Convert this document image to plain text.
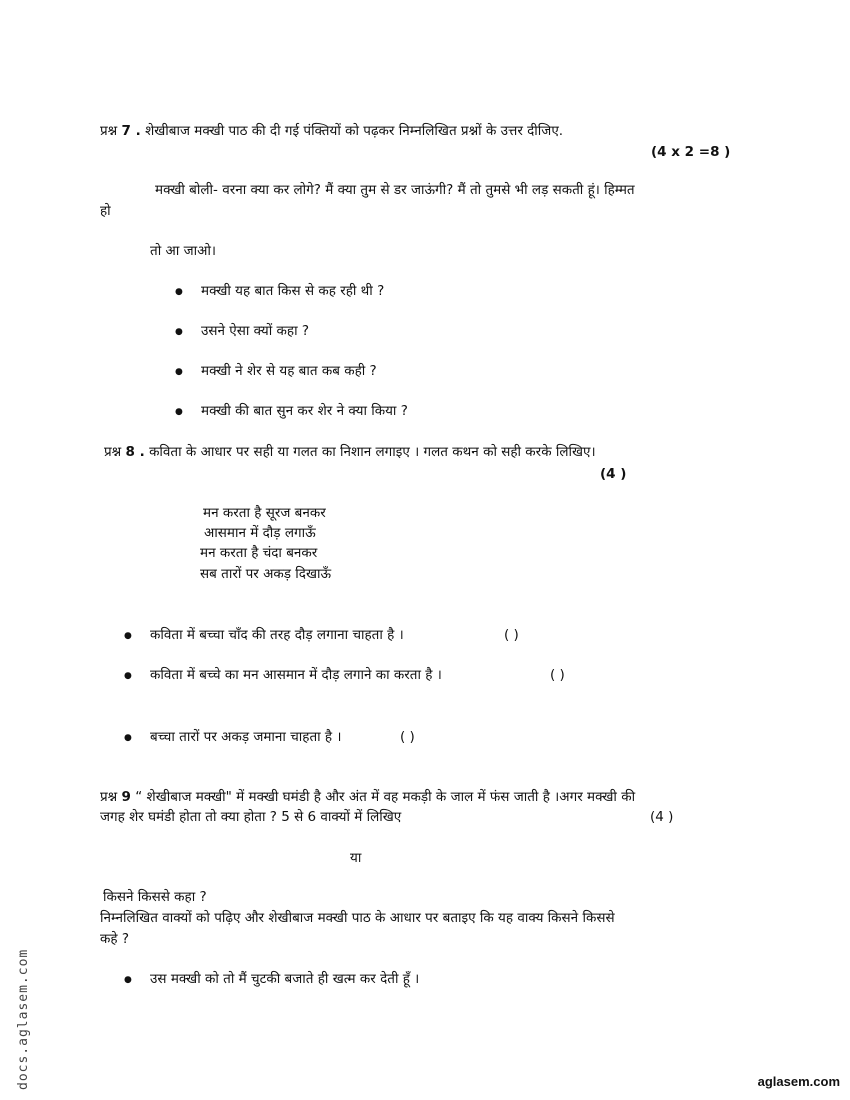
प्रश्न 7 . शेखीबाज मक्खी पाठ की दी गई पंक्तियों को पढ़कर निम्नलिखित प्रश्नों के उत्तर दीजिए.
(4 x 2 =8 )
मक्खी बोली- वरना क्या कर लोगे? मैं क्या तुम से डर जाऊंगी? मैं तो तुमसे भी लड़ सकती हूं। हिम्मत
हो
तो आ जाओ।
● मक्खी यह बात किस से कह रही थी ?
● उसने ऐसा क्यों कहा ?
● मक्खी ने शेर से यह बात कब कही ?
● मक्खी की बात सुन कर शेर ने क्या किया ?
प्रश्न 8 . कविता के आधार पर सही या गलत का निशान लगाइए । गलत कथन को सही करके लिखिए।
(4 )
मन करता है सूरज बनकर
आसमान में दौड़ लगाऊँ
मन करता है चंदा बनकर
सब तारों पर अकड़ दिखाऊँ
● कविता में बच्चा चाँद की तरह दौड़ लगाना चाहता है ।	( )
● कविता में बच्चे का मन आसमान में दौड़ लगाने का करता है ।	( )
● बच्चा तारों पर अकड़ जमाना चाहता है ।	( )
प्रश्न 9 “ शेखीबाज मक्खी" में मक्खी घमंडी है और अंत में वह मकड़ी के जाल में फंस जाती है ।अगर मक्खी की
जगह शेर घमंडी होता तो क्या होता ? 5 से 6 वाक्यों में लिखिए	(4 )
या
किसने किससे कहा ?
निम्नलिखित वाक्यों को पढ़िए और शेखीबाज मक्खी पाठ के आधार पर बताइए कि यह वाक्य किसने किससे
कहे ?
● उस मक्खी को तो मैं चुटकी बजाते ही खत्म कर देती हूँ ।
docs.aglasem.com	aglasem.com
